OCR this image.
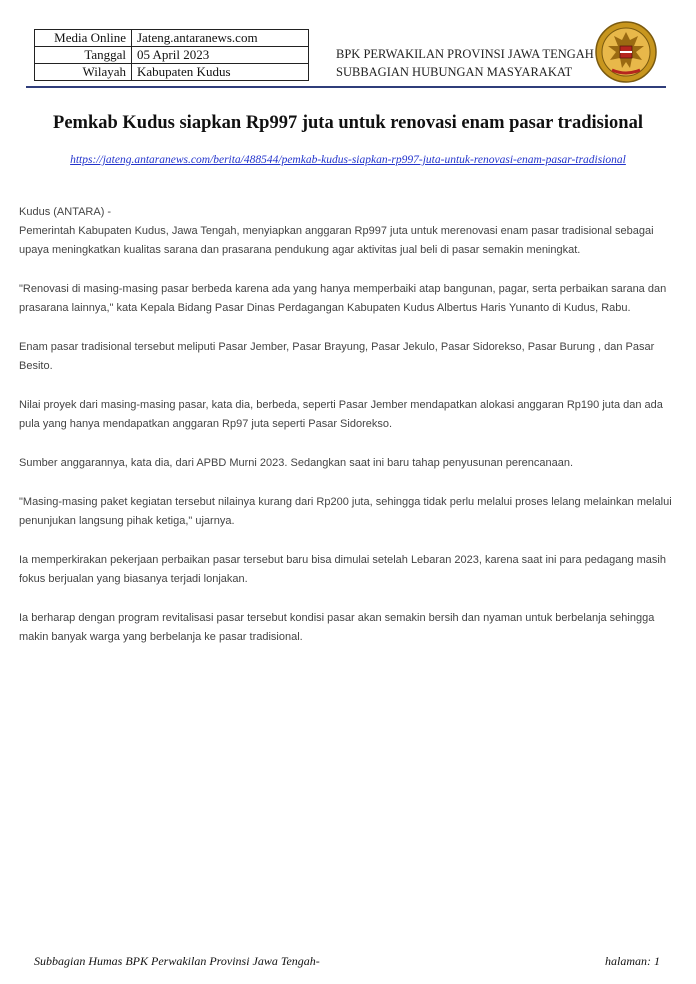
Media Online	Jateng.antaranews.com
Tanggal	05 April 2023
Wilayah	Kabupaten Kudus
BPK PERWAKILAN PROVINSI JAWA TENGAH
SUBBAGIAN HUBUNGAN MASYARAKAT
Pemkab Kudus siapkan Rp997 juta untuk renovasi enam pasar tradisional
https://jateng.antaranews.com/berita/488544/pemkab-kudus-siapkan-rp997-juta-untuk-renovasi-enam-pasar-tradisional
Kudus (ANTARA) -

Pemerintah Kabupaten Kudus, Jawa Tengah, menyiapkan anggaran Rp997 juta untuk merenovasi enam pasar tradisional sebagai upaya meningkatkan kualitas sarana dan prasarana pendukung agar aktivitas jual beli di pasar semakin meningkat.

"Renovasi di masing-masing pasar berbeda karena ada yang hanya memperbaiki atap bangunan, pagar, serta perbaikan sarana dan prasarana lainnya," kata Kepala Bidang Pasar Dinas Perdagangan Kabupaten Kudus Albertus Haris Yunanto di Kudus, Rabu.

Enam pasar tradisional tersebut meliputi Pasar Jember, Pasar Brayung, Pasar Jekulo, Pasar Sidorekso, Pasar Burung , dan Pasar Besito.

Nilai proyek dari masing-masing pasar, kata dia, berbeda, seperti Pasar Jember mendapatkan alokasi anggaran Rp190 juta dan ada pula yang hanya mendapatkan anggaran Rp97 juta seperti Pasar Sidorekso.

Sumber anggarannya, kata dia, dari APBD Murni 2023. Sedangkan saat ini baru tahap penyusunan perencanaan.

"Masing-masing paket kegiatan tersebut nilainya kurang dari Rp200 juta, sehingga tidak perlu melalui proses lelang melainkan melalui penunjukan langsung pihak ketiga," ujarnya.

Ia memperkirakan pekerjaan perbaikan pasar tersebut baru bisa dimulai setelah Lebaran 2023, karena saat ini para pedagang masih fokus berjualan yang biasanya terjadi lonjakan.

Ia berharap dengan program revitalisasi pasar tersebut kondisi pasar akan semakin bersih dan nyaman untuk berbelanja sehingga makin banyak warga yang berbelanja ke pasar tradisional.

Subbagian Humas BPK Perwakilan Provinsi Jawa Tengah-	halaman: 1
